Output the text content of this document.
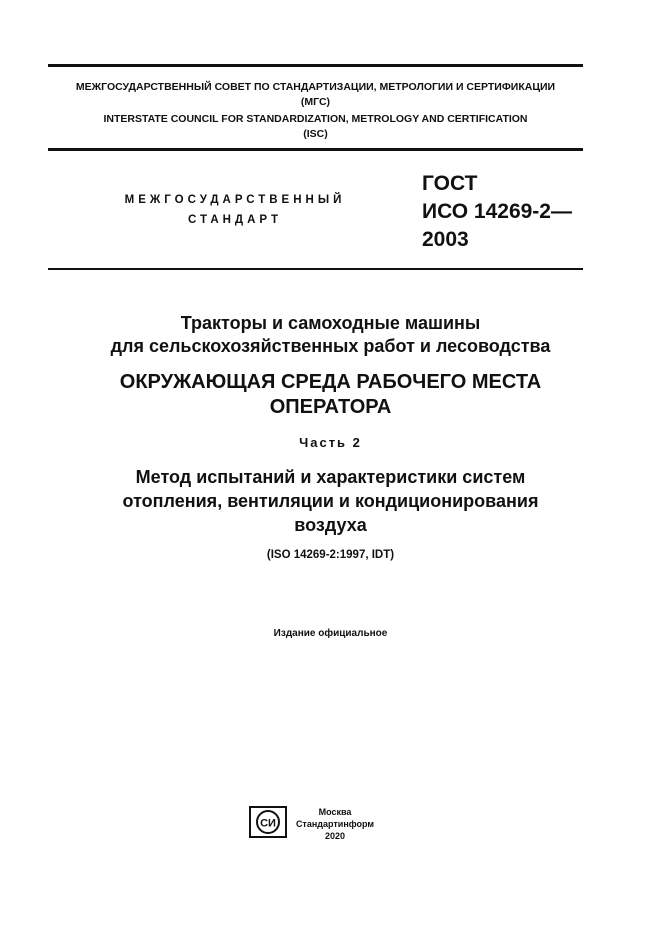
МЕЖГОСУДАРСТВЕННЫЙ СОВЕТ ПО СТАНДАРТИЗАЦИИ, МЕТРОЛОГИИ И СЕРТИФИКАЦИИ
(МГС)
INTERSTATE COUNCIL FOR STANDARDIZATION, METROLOGY AND CERTIFICATION
(ISC)
МЕЖГОСУДАРСТВЕННЫЙ
СТАНДАРТ
ГОСТ
ИСО 14269-2—
2003
Тракторы и самоходные машины
для сельскохозяйственных работ и лесоводства
ОКРУЖАЮЩАЯ СРЕДА РАБОЧЕГО МЕСТА
ОПЕРАТОРА
Часть 2
Метод испытаний и характеристики систем
отопления, вентиляции и кондиционирования
воздуха
(ISO 14269-2:1997, IDT)
Издание официальное
СИ
Москва
Стандартинформ
2020
